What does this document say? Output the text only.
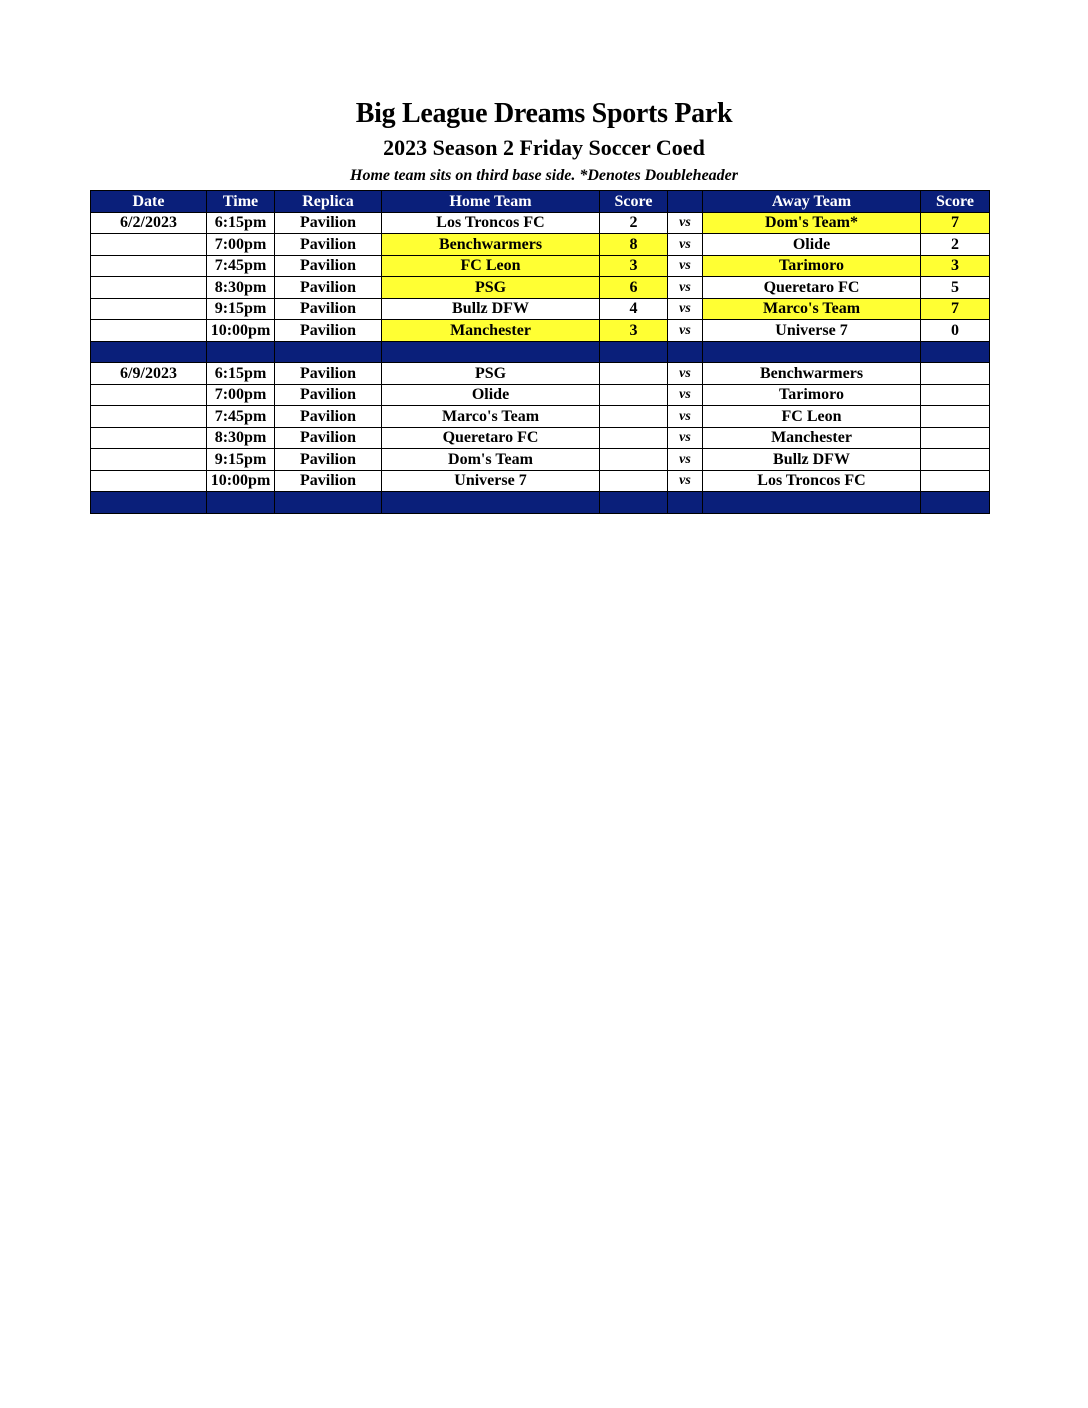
Big League Dreams Sports Park
2023 Season 2 Friday Soccer Coed
Home team sits on third base side. *Denotes Doubleheader
Date	Time	Replica	Home Team	Score		Away Team	Score
6/2/2023	6:15pm	Pavilion	Los Troncos FC	2	vs	Dom's Team*	7
	7:00pm	Pavilion	Benchwarmers	8	vs	Olide	2
	7:45pm	Pavilion	FC Leon	3	vs	Tarimoro	3
	8:30pm	Pavilion	PSG	6	vs	Queretaro FC	5
	9:15pm	Pavilion	Bullz DFW	4	vs	Marco's Team	7
	10:00pm	Pavilion	Manchester	3	vs	Universe 7	0

6/9/2023	6:15pm	Pavilion	PSG		vs	Benchwarmers	
	7:00pm	Pavilion	Olide		vs	Tarimoro	
	7:45pm	Pavilion	Marco's Team		vs	FC Leon	
	8:30pm	Pavilion	Queretaro FC		vs	Manchester	
	9:15pm	Pavilion	Dom's Team		vs	Bullz DFW	
	10:00pm	Pavilion	Universe 7		vs	Los Troncos FC	
